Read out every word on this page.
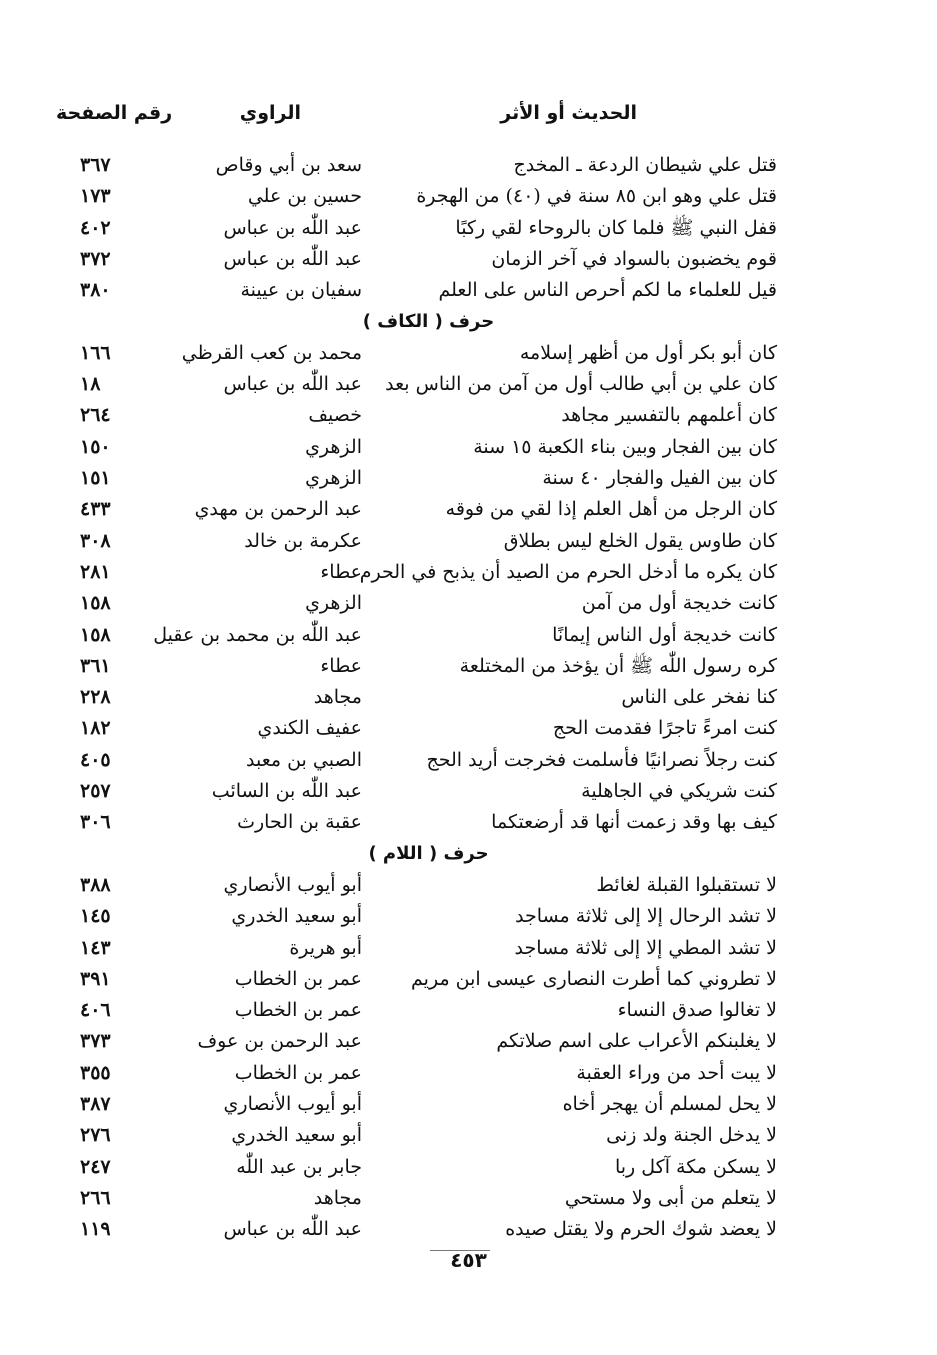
الحديث أو الأثر
الراوي
رقم الصفحة
قتل علي شيطان الردعة ـ المخدج
سعد بن أبي وقاص
٣٦٧
قتل علي وهو ابن ٨٥ سنة في (٤٠) من الهجرة
حسين بن علي
١٧٣
قفل النبي ﷺ فلما كان بالروحاء لقي ركبًا
عبد اللّٰه بن عباس
٤٠٢
قوم يخضبون بالسواد في آخر الزمان
عبد اللّٰه بن عباس
٣٧٢
قيل للعلماء ما لكم أحرص الناس على العلم
سفيان بن عيينة
٣٨٠
حرف ( الكاف )
كان أبو بكر أول من أظهر إسلامه
محمد بن كعب القرظي
١٦٦
كان علي بن أبي طالب أول من آمن من الناس بعد
عبد اللّٰه بن عباس
١٨
كان أعلمهم بالتفسير مجاهد
خصيف
٢٦٤
كان بين الفجار وبين بناء الكعبة ١٥ سنة
الزهري
١٥٠
كان بين الفيل والفجار ٤٠ سنة
الزهري
١٥١
كان الرجل من أهل العلم إذا لقي من فوقه
عبد الرحمن بن مهدي
٤٣٣
كان طاوس يقول الخلع ليس بطلاق
عكرمة بن خالد
٣٠٨
كان يكره ما أدخل الحرم من الصيد أن يذبح في الحرم
عطاء
٢٨١
كانت خديجة أول من آمن
الزهري
١٥٨
كانت خديجة أول الناس إيمانًا
عبد اللّٰه بن محمد بن عقيل
١٥٨
كره رسول اللّٰه ﷺ أن يؤخذ من المختلعة
عطاء
٣٦١
كنا نفخر على الناس
مجاهد
٢٢٨
كنت امرءً تاجرًا فقدمت الحج
عفيف الكندي
١٨٢
كنت رجلاً نصرانيًا فأسلمت فخرجت أريد الحج
الصبي بن معبد
٤٠٥
كنت شريكي في الجاهلية
عبد اللّٰه بن السائب
٢٥٧
كيف بها وقد زعمت أنها قد أرضعتكما
عقبة بن الحارث
٣٠٦
حرف ( اللام )
لا تستقبلوا القبلة لغائط
أبو أيوب الأنصاري
٣٨٨
لا تشد الرحال إلا إلى ثلاثة مساجد
أبو سعيد الخدري
١٤٥
لا تشد المطي إلا إلى ثلاثة مساجد
أبو هريرة
١٤٣
لا تطروني كما أطرت النصارى عيسى ابن مريم
عمر بن الخطاب
٣٩١
لا تغالوا صدق النساء
عمر بن الخطاب
٤٠٦
لا يغلبنكم الأعراب على اسم صلاتكم
عبد الرحمن بن عوف
٣٧٣
لا يبت أحد من وراء العقبة
عمر بن الخطاب
٣٥٥
لا يحل لمسلم أن يهجر أخاه
أبو أيوب الأنصاري
٣٨٧
لا يدخل الجنة ولد زنى
أبو سعيد الخدري
٢٧٦
لا يسكن مكة آكل ربا
جابر بن عبد اللّٰه
٢٤٧
لا يتعلم من أبى ولا مستحي
مجاهد
٢٦٦
لا يعضد شوك الحرم ولا يقتل صيده
عبد اللّٰه بن عباس
١١٩
٤٥٣
